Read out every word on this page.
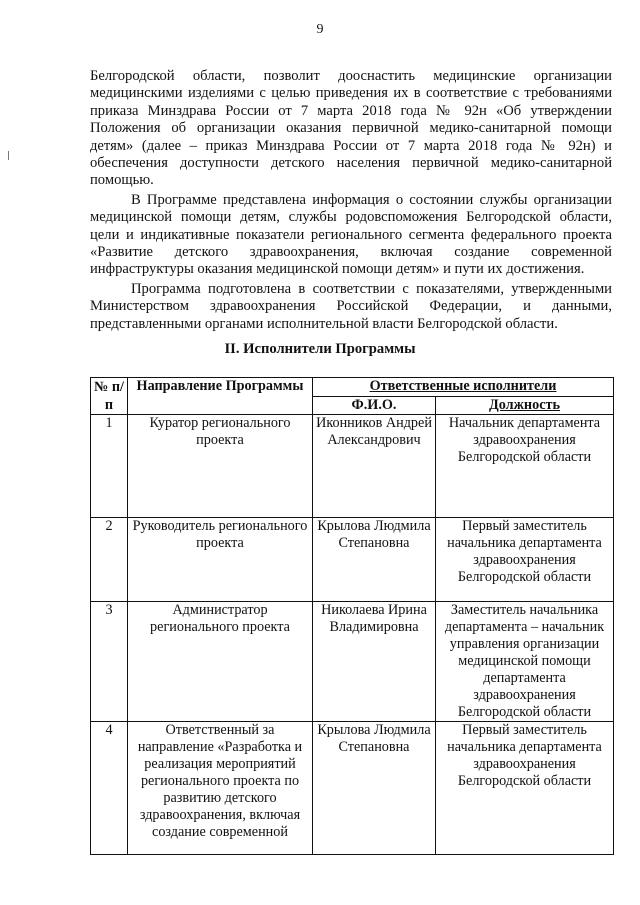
9

Белгородской области, позволит дооснастить медицинские организации медицинскими изделиями с целью приведения их в соответствие с требованиями приказа Минздрава России от 7 марта 2018 года № 92н «Об утверждении Положения об организации оказания первичной медико-санитарной помощи детям» (далее – приказ Минздрава России от 7 марта 2018 года № 92н) и обеспечения доступности детского населения первичной медико-санитарной помощью.

В Программе представлена информация о состоянии службы организации медицинской помощи детям, службы родовспоможения Белгородской области, цели и индикативные показатели регионального сегмента федерального проекта «Развитие детского здравоохранения, включая создание современной инфраструктуры оказания медицинской помощи детям» и пути их достижения.

Программа подготовлена в соответствии с показателями, утвержденными Министерством здравоохранения Российской Федерации, и данными, представленными органами исполнительной власти Белгородской области.

II. Исполнители Программы
№ п/п	Направление Программы	Ответственные исполнители	
		Ф.И.О.	Должность
1	Куратор регионального проекта	Иконников Андрей Александрович	Начальник департамента здравоохранения Белгородской области
2	Руководитель регионального проекта	Крылова Людмила Степановна	Первый заместитель начальника департамента здравоохранения Белгородской области
3	Администратор регионального проекта	Николаева Ирина Владимировна	Заместитель начальника департамента – начальник управления организации медицинской помощи департамента здравоохранения Белгородской области
4	Ответственный за направление «Разработка и реализация мероприятий регионального проекта по развитию детского здравоохранения, включая создание современной	Крылова Людмила Степановна	Первый заместитель начальника департамента здравоохранения Белгородской области
